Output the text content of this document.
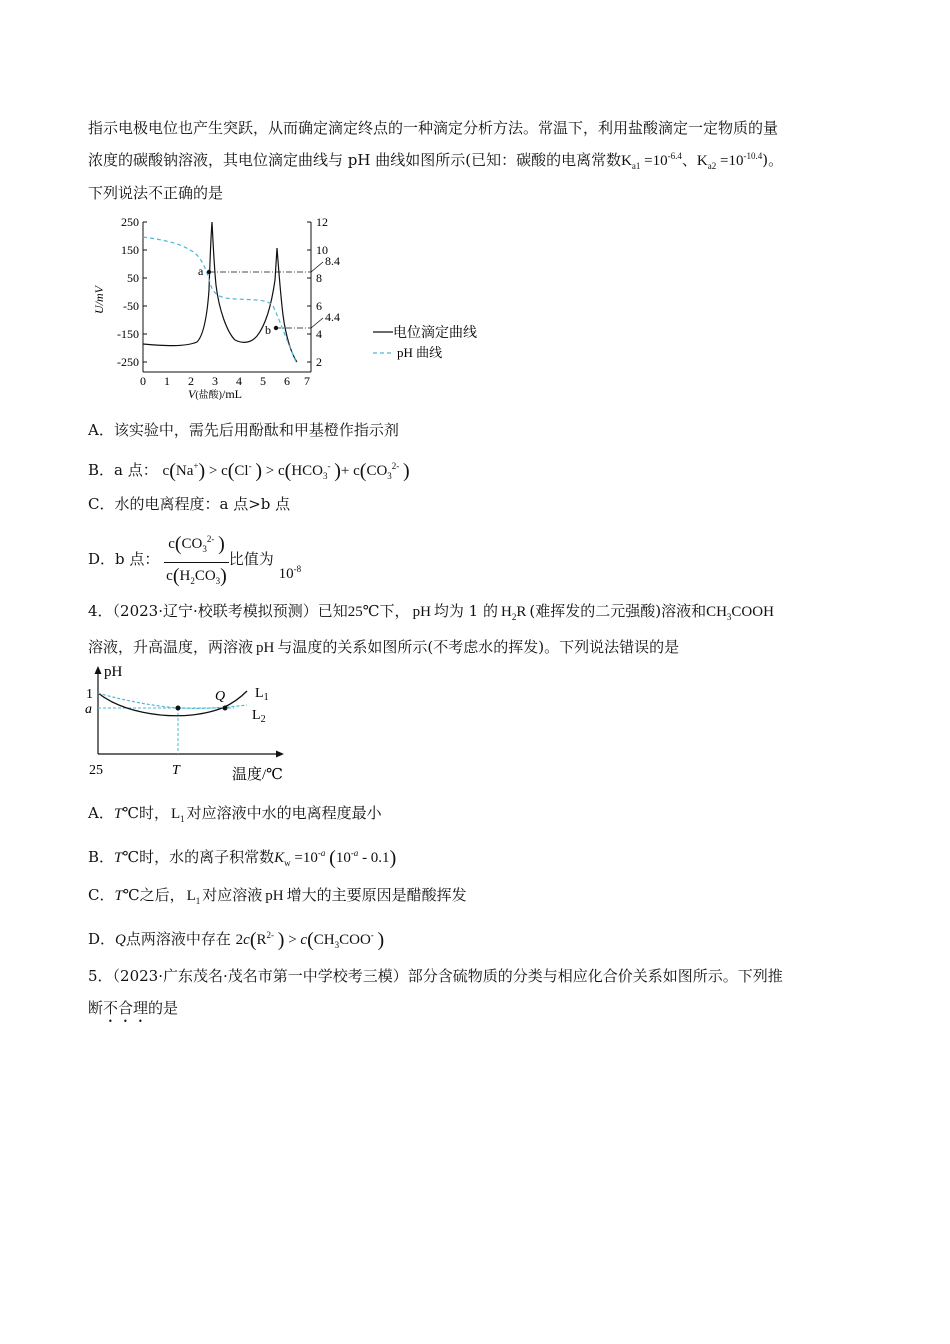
指示电极电位也产生突跃，从而确定滴定终点的一种滴定分析方法。常温下，利用盐酸滴定一定物质的量
浓度的碳酸钠溶液，其电位滴定曲线与 pH 曲线如图所示(已知：碳酸的电离常数$K_{a1} =10^{-6.4}$、$K_{a2} =10^{-10.4}$)。
下列说法不正确的是
250
150
50
-50
-150
-250
12
10
8
6
4
2
0 1 2 3 4 5 6 7
U/mV
V(盐酸)/mL
8.4
4.4
a
b	电位滴定曲线
pH 曲线
A．该实验中，需先后用酚酞和甲基橙作指示剂
B．a 点： c(Na+) > c(Cl- ) > $c(HCO_3^-$ )+ $c(CO_3^{2-}$ )
C．水的电离程度：a 点>b 点
D．b 点： $\frac{c(CO_3^{2-} )}{c(H_2CO_3)}$ 比值为 $10^{-8}$
4．（2023·辽宁·校联考模拟预测）已知25℃下， pH 均为 1 的 $H_2R$ (难挥发的二元强酸)溶液和$CH_3COOH$
溶液，升高温度，两溶液 pH 与温度的关系如图所示(不考虑水的挥发)。下列说法错误的是
pH
1
a
25	T	温度/℃
Q $L_1$
$L_2$
A．T℃时， $L_1$ 对应溶液中水的电离程度最小
B．T℃时，水的离子积常数$K_w =10^{-a}$ $(10^{-a} - 0.1)$
C．T℃之后， $L_1$ 对应溶液 pH 增大的主要原因是醋酸挥发
D．Q点两溶液中存在 $2c(R^{2-}$ ) > $c(CH_3COO^-$ )
5．（2023·广东茂名·茂名市第一中学校考三模）部分含硫物质的分类与相应化合价关系如图所示。下列推
断不合理的是
